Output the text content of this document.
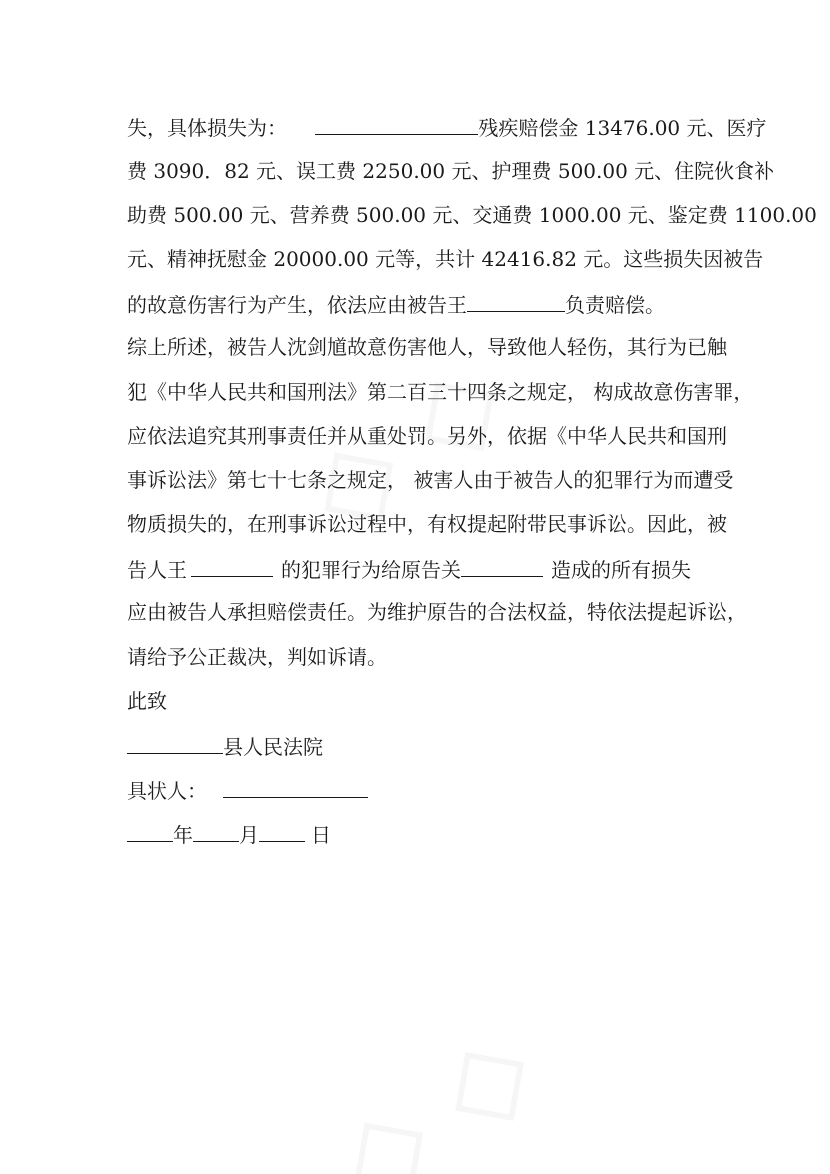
失，具体损失为：	残疾赔偿金 13476.00 元、医疗
费 3090．82 元、误工费 2250.00 元、护理费 500.00 元、住院伙食补
助费 500.00 元、营养费 500.00 元、交通费 1000.00 元、鉴定费 1100.00
元、精神抚慰金 20000.00 元等，共计 42416.82 元。这些损失因被告
的故意伤害行为产生，依法应由被告王	负责赔偿。
综上所述，被告人沈剑馗故意伤害他人，导致他人轻伤，其行为已触
犯《中华人民共和国刑法》第二百三十四条之规定， 构成故意伤害罪，
应依法追究其刑事责任并从重处罚。另外，依据《中华人民共和国刑
事诉讼法》第七十七条之规定， 被害人由于被告人的犯罪行为而遭受
物质损失的，在刑事诉讼过程中，有权提起附带民事诉讼。因此，被
告人王	的犯罪行为给原告关	造成的所有损失
应由被告人承担赔偿责任。为维护原告的合法权益，特依法提起诉讼，
请给予公正裁决，判如诉请。
此致
县人民法院
具状人：
年 月	日
